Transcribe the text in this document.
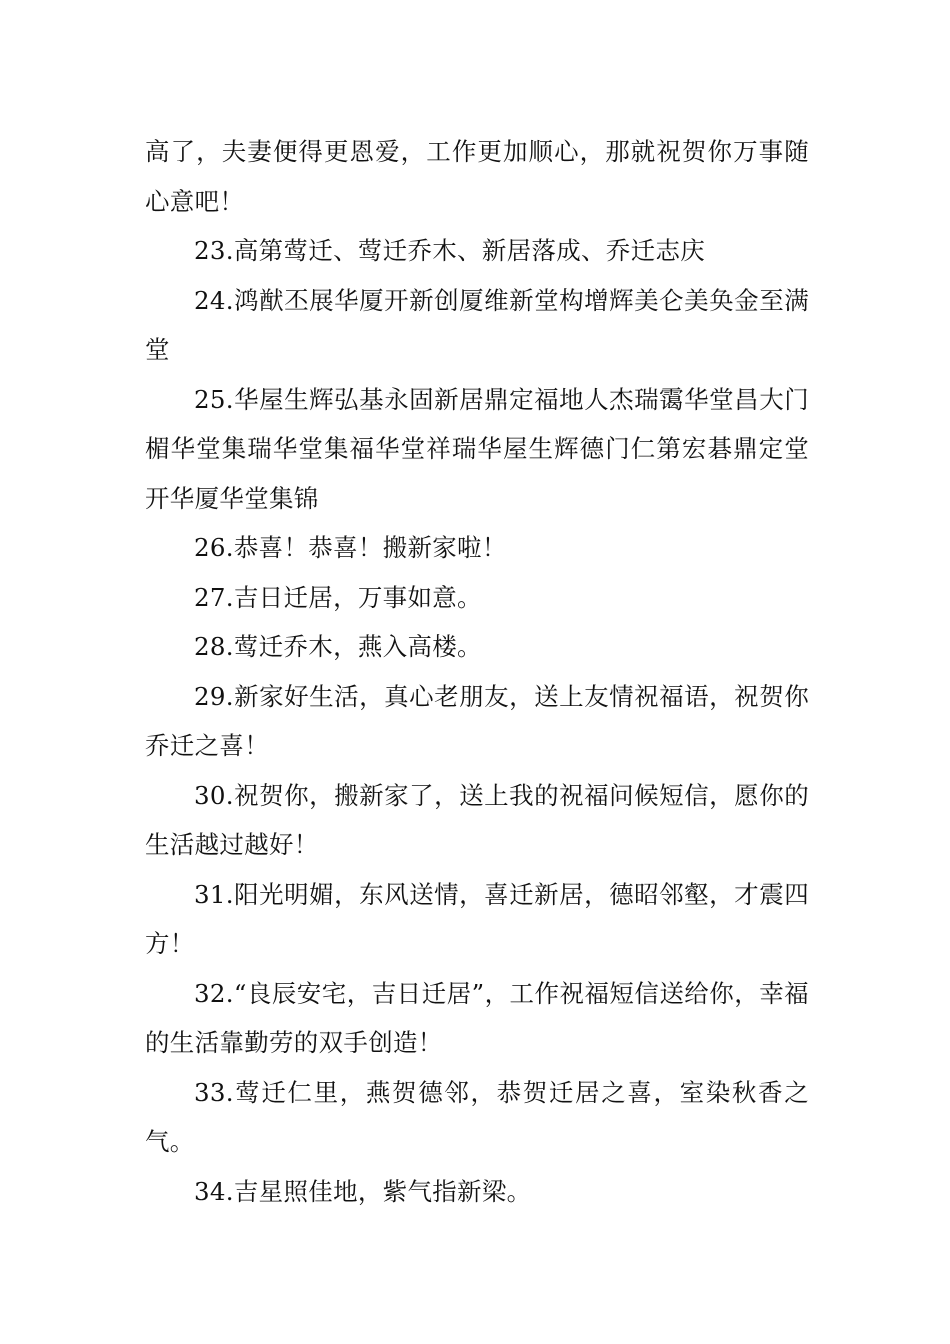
高了，夫妻便得更恩爱，工作更加顺心，那就祝贺你万事随心意吧！

23.高第莺迁、莺迁乔木、新居落成、乔迁志庆

24.鸿猷丕展华厦开新创厦维新堂构增辉美仑美奂金至满堂

25.华屋生辉弘基永固新居鼎定福地人杰瑞霭华堂昌大门楣华堂集瑞华堂集福华堂祥瑞华屋生辉德门仁第宏碁鼎定堂开华厦华堂集锦

26.恭喜！恭喜！搬新家啦！

27.吉日迁居，万事如意。

28.莺迁乔木，燕入高楼。

29.新家好生活，真心老朋友，送上友情祝福语，祝贺你乔迁之喜！

30.祝贺你，搬新家了，送上我的祝福问候短信，愿你的生活越过越好！

31.阳光明媚，东风送情，喜迁新居，德昭邻壑，才震四方！

32.“良辰安宅，吉日迁居”，工作祝福短信送给你，幸福的生活靠勤劳的双手创造！

33.莺迁仁里，燕贺德邻，恭贺迁居之喜，室染秋香之气。

34.吉星照佳地，紫气指新梁。
